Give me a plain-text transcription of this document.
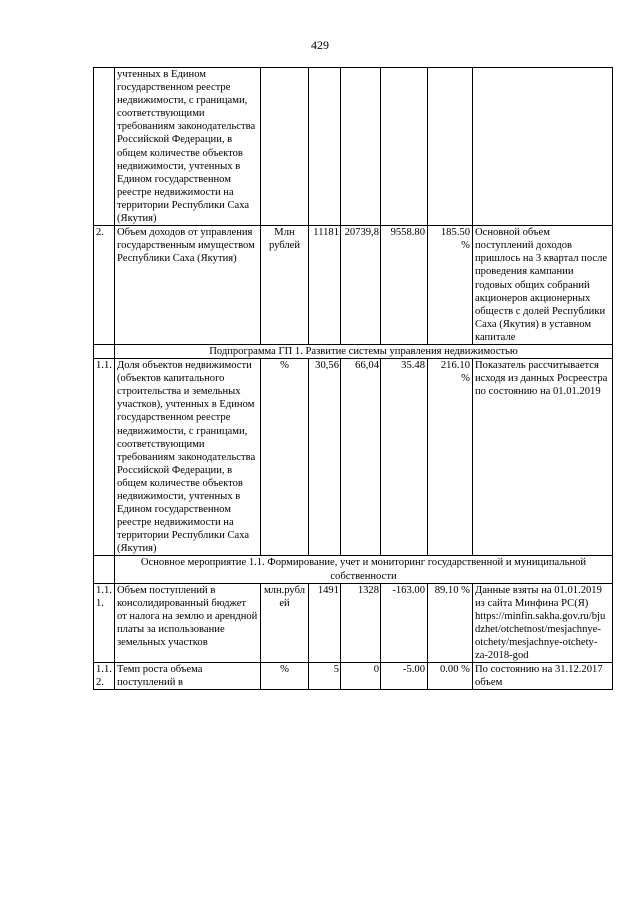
429
	учтенных в Едином государственном реестре недвижимости, с границами, соответствующими требованиям законодательства Российской Федерации, в общем количестве объектов недвижимости, учтенных в Едином государственном реестре недвижимости на территории Республики Саха (Якутия)						
2.	Объем доходов от управления государственным имуществом Республики Саха (Якутия)	Млн рублей	11181	20739,8	9558.80	185.50 %	Основной объем поступлений доходов пришлось на 3 квартал после проведения кампании годовых общих собраний акционеров акционерных обществ с долей Республики Саха (Якутия) в уставном капитале
	Подпрограмма ГП 1. Развитие системы управления недвижимостью						
1.1.	Доля объектов недвижимости (объектов капитального строительства и земельных участков), учтенных в Едином государственном реестре недвижимости, с границами, соответствующими требованиям законодательства Российской Федерации, в общем количестве объектов недвижимости, учтенных в Едином государственном реестре недвижимости на территории Республики Саха (Якутия)	%	30,56	66,04	35.48	216.10 %	Показатель рассчитывается исходя из данных Росреестра по состоянию на 01.01.2019
	Основное мероприятие 1.1. Формирование, учет и мониторинг государственной и муниципальной собственности						
1.1.1.	Объем поступлений в консолидированный бюджет от налога на землю и арендной платы за использование земельных участков	млн.рублей	1491	1328	-163.00	89.10 %	Данные взяты на 01.01.2019 из сайта Минфина РС(Я) https://minfin.sakha.gov.ru/bjudzhet/otchetnost/mesjachnye-otchety/mesjachnye-otchety-za-2018-god
1.1.2.	Темп роста объема поступлений в	%	5	0	-5.00	0.00 %	По состоянию на 31.12.2017 объем
